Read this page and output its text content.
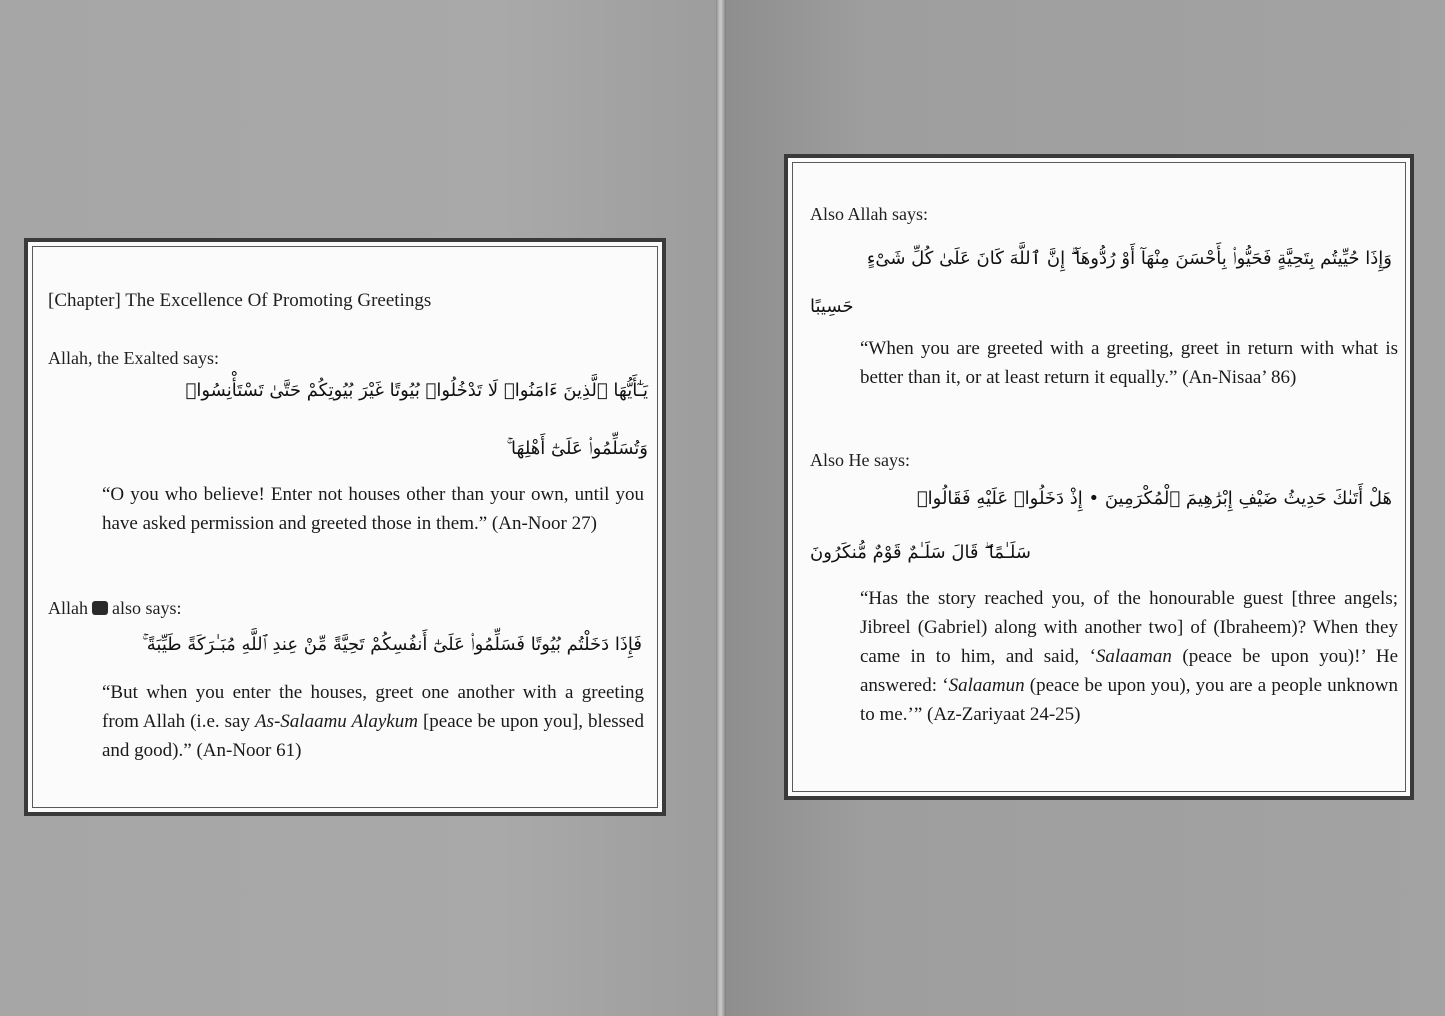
[Chapter] The Excellence Of Promoting Greetings
Allah, the Exalted says:
يَـٰٓأَيُّهَا ٱلَّذِينَ ءَامَنُوا۟ لَا تَدْخُلُوا۟ بُيُوتًا غَيْرَ بُيُوتِكُمْ حَتَّىٰ تَسْتَأْنِسُوا۟
وَتُسَلِّمُوا۟ عَلَىٰٓ أَهْلِهَا ۚ
“O you who believe! Enter not houses other than your own, until you have asked permission and greeted those in them.” (An-Noor 27)
Allah also says:
فَإِذَا دَخَلْتُم بُيُوتًا فَسَلِّمُوا۟ عَلَىٰٓ أَنفُسِكُمْ تَحِيَّةً مِّنْ عِندِ ٱللَّهِ مُبَـٰرَكَةً طَيِّبَةً ۚ
“But when you enter the houses, greet one another with a greeting from Allah (i.e. say As-Salaamu Alaykum [peace be upon you], blessed and good).” (An-Noor 61)
Also Allah says:
وَإِذَا حُيِّيتُم بِتَحِيَّةٍ فَحَيُّوا۟ بِأَحْسَنَ مِنْهَآ أَوْ رُدُّوهَآ ۗ إِنَّ ٱللَّهَ كَانَ عَلَىٰ كُلِّ شَىْءٍ
حَسِيبًا
“When you are greeted with a greeting, greet in return with what is better than it, or at least return it equally.” (An-Nisaa’ 86)
Also He says:
هَلْ أَتَىٰكَ حَدِيثُ ضَيْفِ إِبْرَٰهِيمَ ٱلْمُكْرَمِينَ • إِذْ دَخَلُوا۟ عَلَيْهِ فَقَالُوا۟
سَلَـٰمًا ۖ قَالَ سَلَـٰمٌ قَوْمٌ مُّنكَرُونَ
“Has the story reached you, of the honourable guest [three angels; Jibreel (Gabriel) along with another two] of (Ibraheem)? When they came in to him, and said, ‘Salaaman (peace be upon you)!’ He answered: ‘Salaamun (peace be upon you), you are a people unknown to me.’” (Az-Zariyaat 24-25)
